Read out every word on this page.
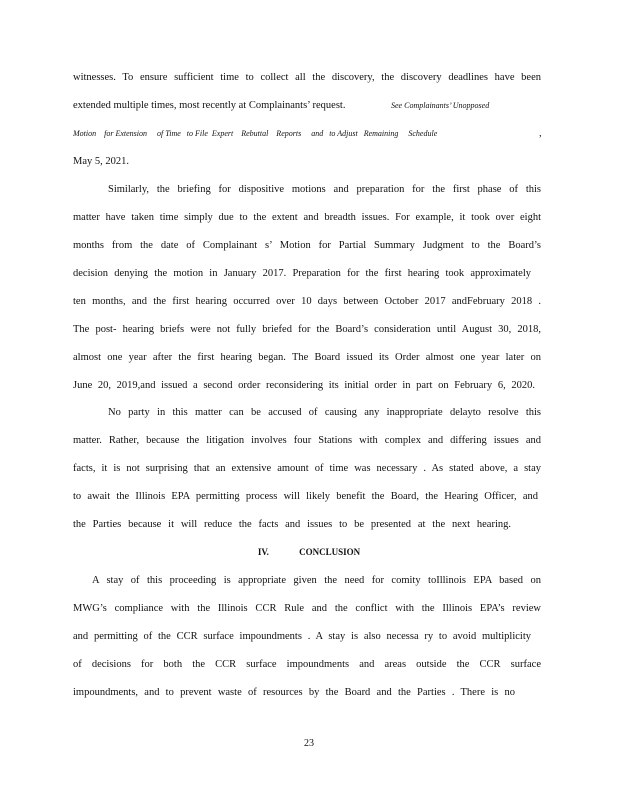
witnesses. To ensure sufficient time to collect all the discovery, the discovery deadlines have been
extended multiple times, most recently at Complainants’ request.	See Complainants’ Unopposed
Motion    for Extension     of Time   to File  Expert    Rebuttal    Reports     and   to Adjust   Remaining     Schedule	,
May 5, 2021.
Similarly, the briefing for dispositive motions and preparation for the first phase of this
matter have taken time simply due to the extent and breadth issues. For example, it took over eight
months from the date of Complainant s’ Motion for Partial Summary Judgment to the Board’s
decision denying the motion in January 2017. Preparation for the first hearing took approximately
ten months, and the first hearing occurred over 10 days between October 2017 andFebruary 2018 .
The post- hearing briefs were not fully briefed for the Board’s consideration until August 30, 2018,
almost one year after the first hearing began. The Board issued its Order almost one year later on
June 20, 2019,and issued a second order reconsidering its initial order in part on February 6, 2020.
No party in this matter can be accused of causing any inappropriate delayto resolve this
matter. Rather, because the litigation involves four Stations with complex and differing issues and
facts, it is not surprising that an extensive amount of time was necessary . As stated above, a stay
to await the Illinois EPA permitting process will likely benefit the Board, the Hearing Officer, and
the Parties because it will reduce the facts and issues to be presented at the next hearing.
IV.	CONCLUSION
A stay of this proceeding is appropriate given the need for comity toIllinois EPA based on
MWG’s compliance with the Illinois CCR Rule and the conflict with the Illinois EPA’s review
and permitting of the CCR surface impoundments . A stay is also necessa ry to avoid multiplicity
of decisions for both the CCR surface impoundments and areas outside the CCR surface
impoundments, and to prevent waste of resources by the Board and the Parties . There is no
23
